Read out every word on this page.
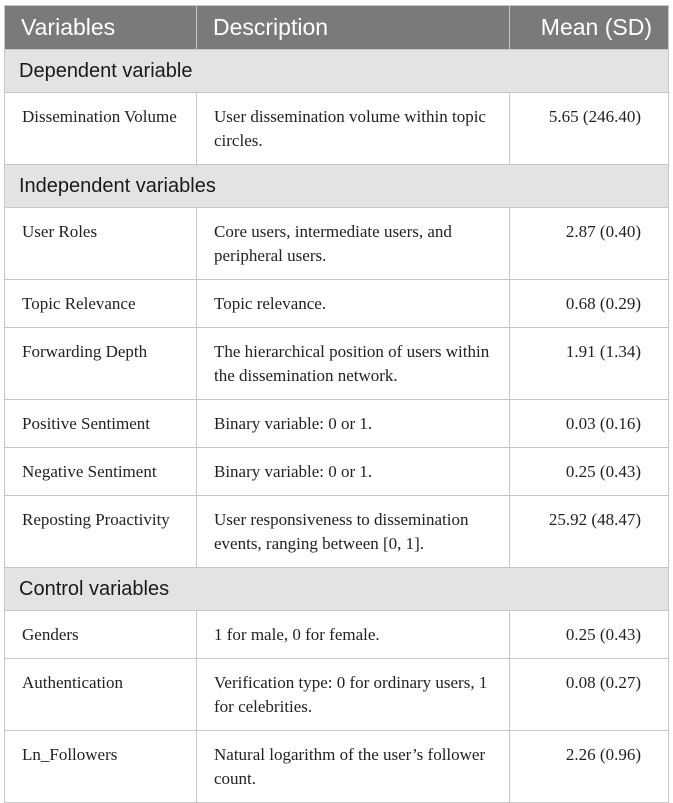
Variables	Description	Mean (SD)
Dependent variable		
Dissemination Volume	User dissemination volume within topic circles.	5.65 (246.40)
Independent variables		
User Roles	Core users, intermediate users, and peripheral users.	2.87 (0.40)
Topic Relevance	Topic relevance.	0.68 (0.29)
Forwarding Depth	The hierarchical position of users within the dissemination network.	1.91 (1.34)
Positive Sentiment	Binary variable: 0 or 1.	0.03 (0.16)
Negative Sentiment	Binary variable: 0 or 1.	0.25 (0.43)
Reposting Proactivity	User responsiveness to dissemination events, ranging between [0, 1].	25.92 (48.47)
Control variables		
Genders	1 for male, 0 for female.	0.25 (0.43)
Authentication	Verification type: 0 for ordinary users, 1 for celebrities.	0.08 (0.27)
Ln_Followers	Natural logarithm of the user’s follower count.	2.26 (0.96)
